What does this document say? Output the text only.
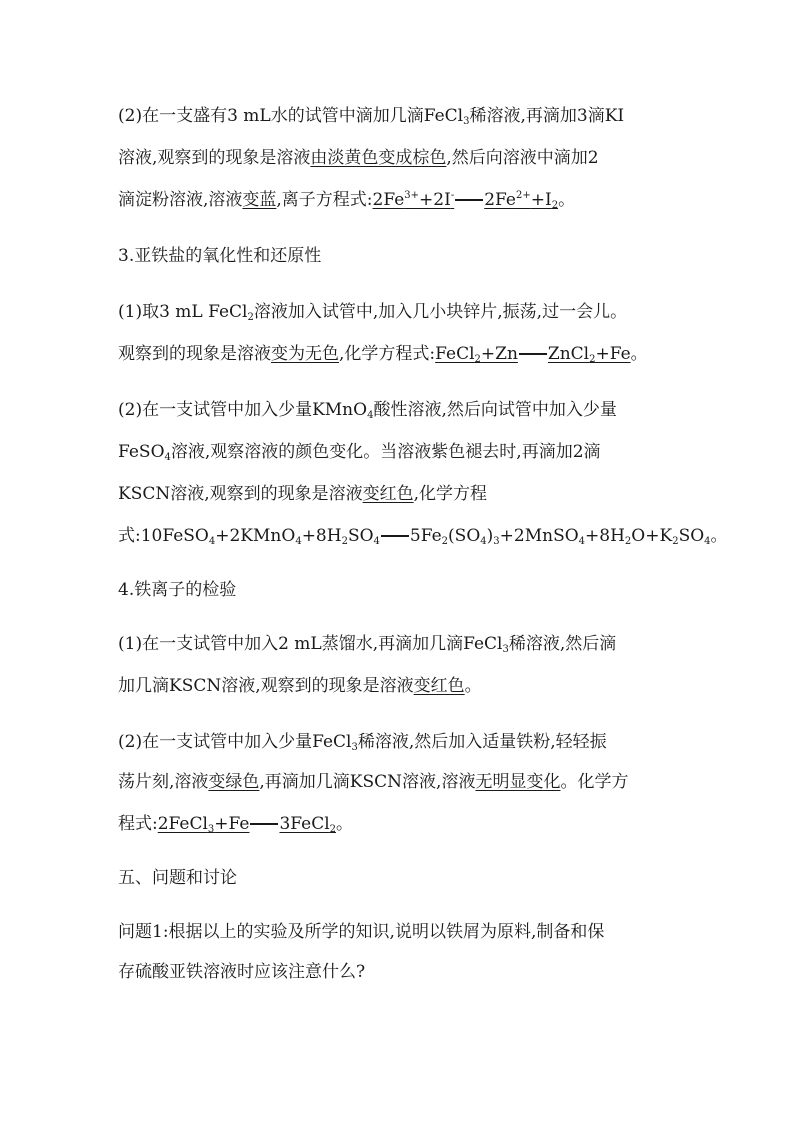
(2)在一支盛有3 mL水的试管中滴加几滴FeCl$_3$稀溶液,再滴加3滴KI
溶液,观察到的现象是溶液由淡黄色变成棕色,然后向溶液中滴加2
滴淀粉溶液,溶液变蓝,离子方程式$:2Fe^{3+}+2I^-$ $2Fe^{2+}+I_2$。
3.亚铁盐的氧化性和还原性
(1)取3 mL FeCl$_2$溶液加入试管中,加入几小块锌片,振荡,过一会儿。
观察到的现象是溶液变为无色,化学方程式:FeCl$_2$+Zn ZnCl$_2$+Fe。
(2)在一支试管中加入少量KMnO$_4$酸性溶液,然后向试管中加入少量
FeSO$_4$溶液,观察溶液的颜色变化。当溶液紫色褪去时,再滴加2滴
KSCN溶液,观察到的现象是溶液变红色,化学方程
式$:10FeSO_4+2KMnO_4+8H_2SO_4$ $5Fe_2(SO_4)_3+2MnSO_4+8H_2O+K_2SO_4$。
4.铁离子的检验
(1)在一支试管中加入2 mL蒸馏水,再滴加几滴FeCl$_3$稀溶液,然后滴
加几滴KSCN溶液,观察到的现象是溶液变红色。
(2)在一支试管中加入少量FeCl$_3$稀溶液,然后加入适量铁粉,轻轻振
荡片刻,溶液变绿色,再滴加几滴KSCN溶液,溶液无明显变化。化学方
程式:2FeCl$_3$+Fe 3FeCl$_2$。
五、问题和讨论
问题1:根据以上的实验及所学的知识,说明以铁屑为原料,制备和保
存硫酸亚铁溶液时应该注意什么?
